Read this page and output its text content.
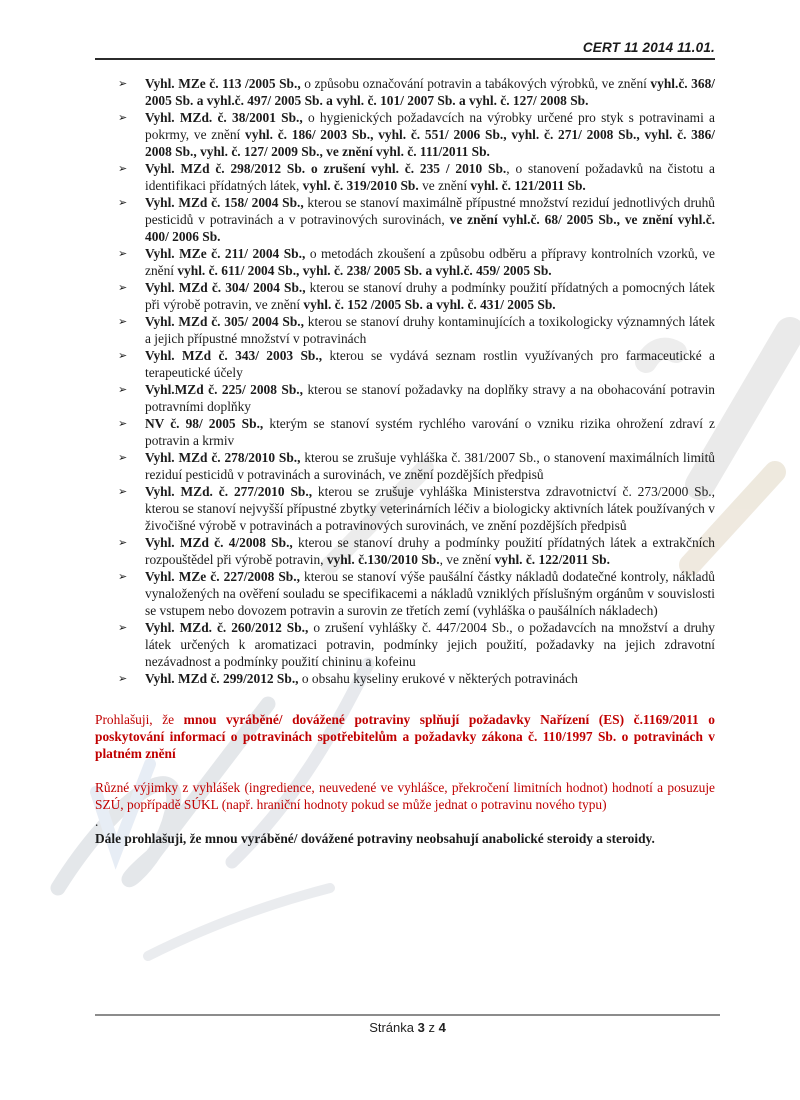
CERT 11 2014 11.01.
➢	Vyhl. MZe č. 113 /2005 Sb., o způsobu označování potravin a tabákových výrobků, ve znění vyhl.č. 368/ 2005 Sb. a vyhl.č. 497/ 2005 Sb. a vyhl. č. 101/ 2007 Sb. a vyhl. č. 127/ 2008 Sb.
➢	Vyhl. MZd. č. 38/2001 Sb., o hygienických požadavcích na výrobky určené pro styk s potravinami a pokrmy, ve znění vyhl. č. 186/ 2003 Sb., vyhl. č. 551/ 2006 Sb., vyhl. č. 271/ 2008 Sb., vyhl. č. 386/ 2008 Sb., vyhl. č. 127/ 2009 Sb., ve znění vyhl. č. 111/2011 Sb.
➢	Vyhl. MZd č. 298/2012 Sb. o zrušení vyhl. č. 235 / 2010 Sb., o stanovení požadavků na čistotu a identifikaci přídatných látek, vyhl. č. 319/2010 Sb. ve znění vyhl. č. 121/2011 Sb.
➢	Vyhl. MZd č. 158/ 2004 Sb., kterou se stanoví maximálně přípustné množství reziduí jednotlivých druhů pesticidů v potravinách a v potravinových surovinách, ve znění vyhl.č. 68/ 2005 Sb., ve znění vyhl.č. 400/ 2006 Sb.
➢	Vyhl. MZe č. 211/ 2004 Sb., o metodách zkoušení a způsobu odběru a přípravy kontrolních vzorků, ve znění vyhl. č. 611/ 2004 Sb., vyhl. č. 238/ 2005 Sb. a vyhl.č. 459/ 2005 Sb.
➢	Vyhl. MZd č. 304/ 2004 Sb., kterou se stanoví druhy a podmínky použití přídatných a pomocných látek při výrobě potravin, ve znění vyhl. č. 152 /2005 Sb. a vyhl. č. 431/ 2005 Sb.
➢	Vyhl. MZd č. 305/ 2004 Sb., kterou se stanoví druhy kontaminujících a toxikologicky významných látek a jejich přípustné množství v potravinách
➢	Vyhl. MZd č. 343/ 2003 Sb., kterou se vydává seznam rostlin využívaných pro farmaceutické a terapeutické účely
➢	Vyhl.MZd č. 225/ 2008 Sb., kterou se stanoví požadavky na doplňky stravy a na obohacování potravin potravními doplňky
➢	NV č. 98/ 2005 Sb., kterým se stanoví systém rychlého varování o vzniku rizika ohrožení zdraví z potravin a krmiv
➢	Vyhl. MZd č. 278/2010 Sb., kterou se zrušuje vyhláška č. 381/2007 Sb., o stanovení maximálních limitů reziduí pesticidů v potravinách a surovinách, ve znění pozdějších předpisů
➢	Vyhl. MZd. č. 277/2010 Sb., kterou se zrušuje vyhláška Ministerstva zdravotnictví č. 273/2000 Sb., kterou se stanoví nejvyšší přípustné zbytky veterinárních léčiv a biologicky aktivních látek používaných v živočišné výrobě v potravinách a potravinových surovinách, ve znění pozdějších předpisů
➢	Vyhl. MZd č. 4/2008 Sb., kterou se stanoví druhy a podmínky použití přídatných látek a extrakčních rozpouštědel při výrobě potravin, vyhl. č.130/2010 Sb., ve znění vyhl. č. 122/2011 Sb.
➢	Vyhl. MZe č. 227/2008 Sb., kterou se stanoví výše paušální částky nákladů dodatečné kontroly, nákladů vynaložených na ověření souladu se specifikacemi a nákladů vzniklých příslušným orgánům v souvislosti se vstupem nebo dovozem potravin a surovin ze třetích zemí (vyhláška o paušálních nákladech)
➢	Vyhl. MZd. č. 260/2012 Sb., o zrušení vyhlášky č. 447/2004 Sb., o požadavcích na množství a druhy látek určených k aromatizaci potravin, podmínky jejich použití, požadavky na jejich zdravotní nezávadnost a podmínky použití chininu a kofeinu
➢	Vyhl. MZd č. 299/2012 Sb., o obsahu kyseliny erukové v některých potravinách

Prohlašuji, že mnou vyráběné/ dovážené potraviny splňují požadavky Nařízení (ES) č.1169/2011 o poskytování informací o potravinách spotřebitelům a požadavky zákona č. 110/1997 Sb. o potravinách v platném znění

Různé výjimky z vyhlášek (ingredience, neuvedené ve vyhlášce, překročení limitních hodnot) hodnotí a posuzuje SZÚ, popřípadě SÚKL (např. hraniční hodnoty pokud se může jednat o potravinu nového typu)

.

Dále prohlašuji, že mnou vyráběné/ dovážené potraviny neobsahují anabolické steroidy a steroidy.

Stránka 3 z 4
